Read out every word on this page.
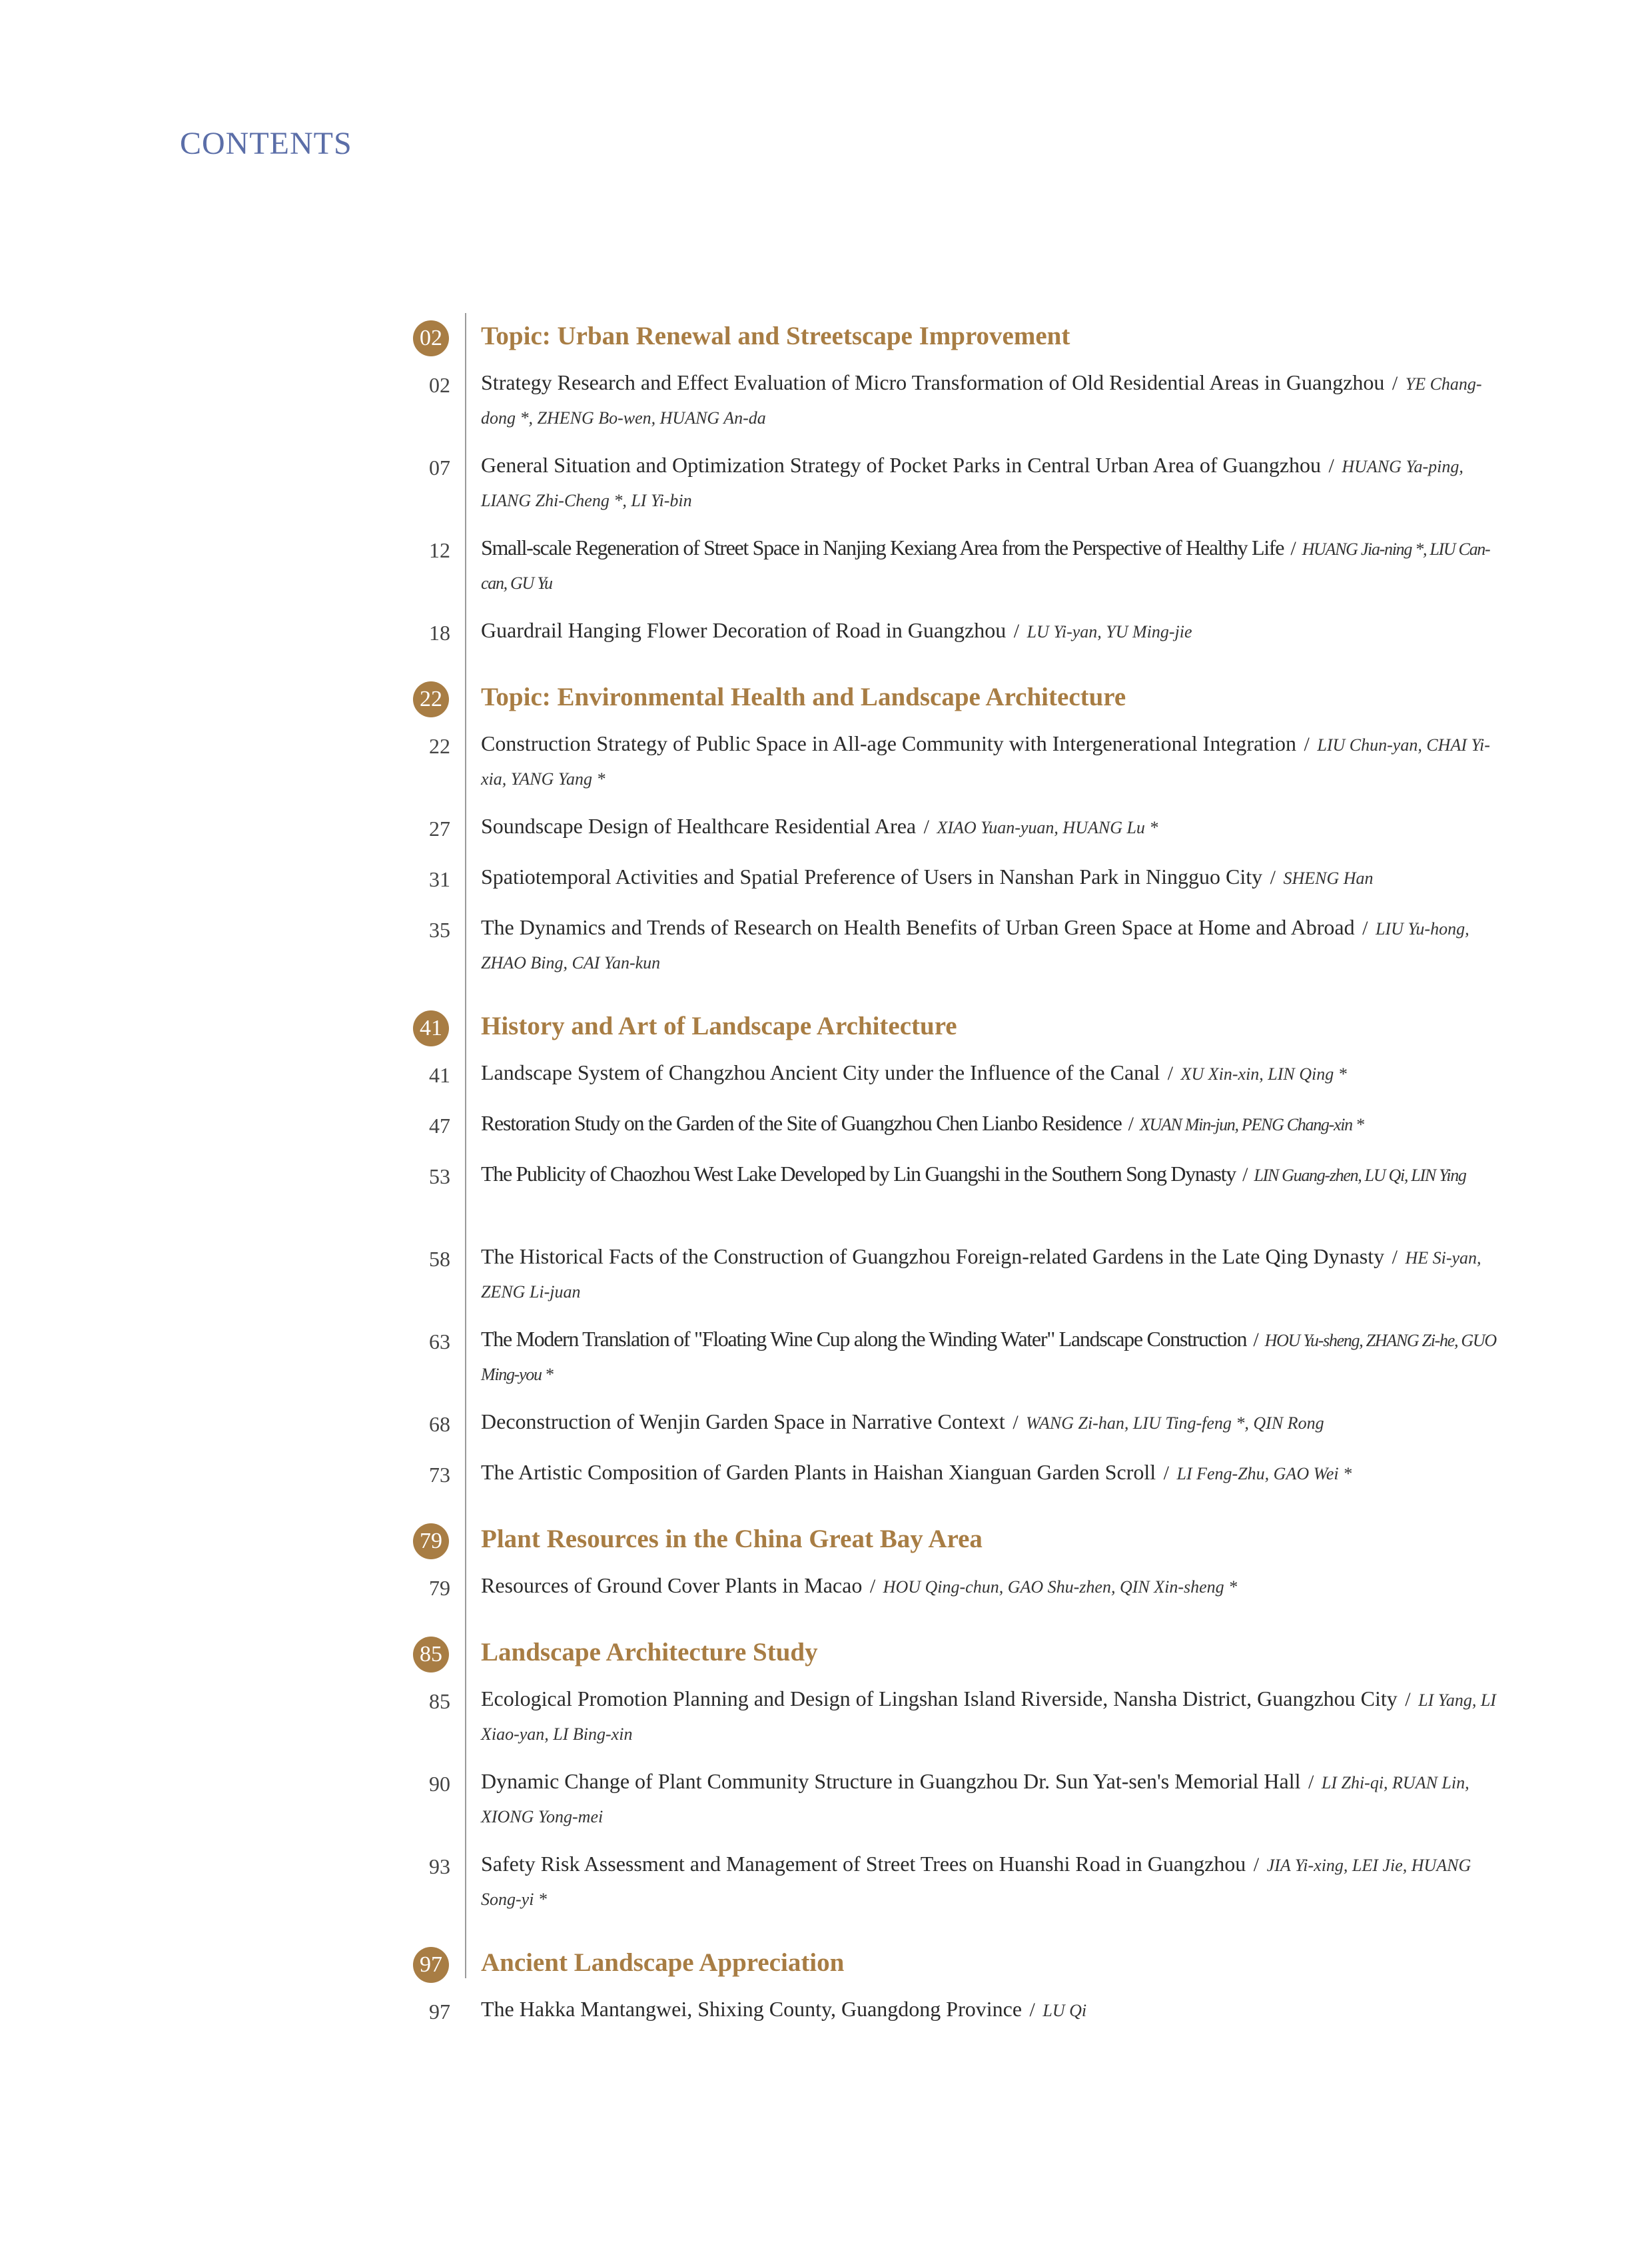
CONTENTS
02 Topic: Urban Renewal and Streetscape Improvement
02 Strategy Research and Effect Evaluation of Micro Transformation of Old Residential Areas in Guangzhou / YE Chang-dong *, ZHENG Bo-wen, HUANG An-da
07 General Situation and Optimization Strategy of Pocket Parks in Central Urban Area of Guangzhou / HUANG Ya-ping, LIANG Zhi-Cheng *, LI Yi-bin
12 Small-scale Regeneration of Street Space in Nanjing Kexiang Area from the Perspective of Healthy Life / HUANG Jia-ning *, LIU Can-can, GU Yu
18 Guardrail Hanging Flower Decoration of Road in Guangzhou / LU Yi-yan, YU Ming-jie
22 Topic: Environmental Health and Landscape Architecture
22 Construction Strategy of Public Space in All-age Community with Intergenerational Integration / LIU Chun-yan, CHAI Yi-xia, YANG Yang *
27 Soundscape Design of Healthcare Residential Area / XIAO Yuan-yuan, HUANG Lu *
31 Spatiotemporal Activities and Spatial Preference of Users in Nanshan Park in Ningguo City / SHENG Han
35 The Dynamics and Trends of Research on Health Benefits of Urban Green Space at Home and Abroad / LIU Yu-hong, ZHAO Bing, CAI Yan-kun
41 History and Art of Landscape Architecture
41 Landscape System of Changzhou Ancient City under the Influence of the Canal / XU Xin-xin, LIN Qing *
47 Restoration Study on the Garden of the Site of Guangzhou Chen Lianbo Residence / XUAN Min-jun, PENG Chang-xin *
53 The Publicity of Chaozhou West Lake Developed by Lin Guangshi in the Southern Song Dynasty / LIN Guang-zhen, LU Qi, LIN Ying
58 The Historical Facts of the Construction of Guangzhou Foreign-related Gardens in the Late Qing Dynasty / HE Si-yan, ZENG Li-juan
63 The Modern Translation of "Floating Wine Cup along the Winding Water" Landscape Construction / HOU Yu-sheng, ZHANG Zi-he, GUO Ming-you *
68 Deconstruction of Wenjin Garden Space in Narrative Context / WANG Zi-han, LIU Ting-feng *, QIN Rong
73 The Artistic Composition of Garden Plants in Haishan Xianguan Garden Scroll / LI Feng-Zhu, GAO Wei *
79 Plant Resources in the China Great Bay Area
79 Resources of Ground Cover Plants in Macao / HOU Qing-chun, GAO Shu-zhen, QIN Xin-sheng *
85 Landscape Architecture Study
85 Ecological Promotion Planning and Design of Lingshan Island Riverside, Nansha District, Guangzhou City / LI Yang, LI Xiao-yan, LI Bing-xin
90 Dynamic Change of Plant Community Structure in Guangzhou Dr. Sun Yat-sen's Memorial Hall / LI Zhi-qi, RUAN Lin, XIONG Yong-mei
93 Safety Risk Assessment and Management of Street Trees on Huanshi Road in Guangzhou / JIA Yi-xing, LEI Jie, HUANG Song-yi *
97 Ancient Landscape Appreciation
97 The Hakka Mantangwei, Shixing County, Guangdong Province / LU Qi
